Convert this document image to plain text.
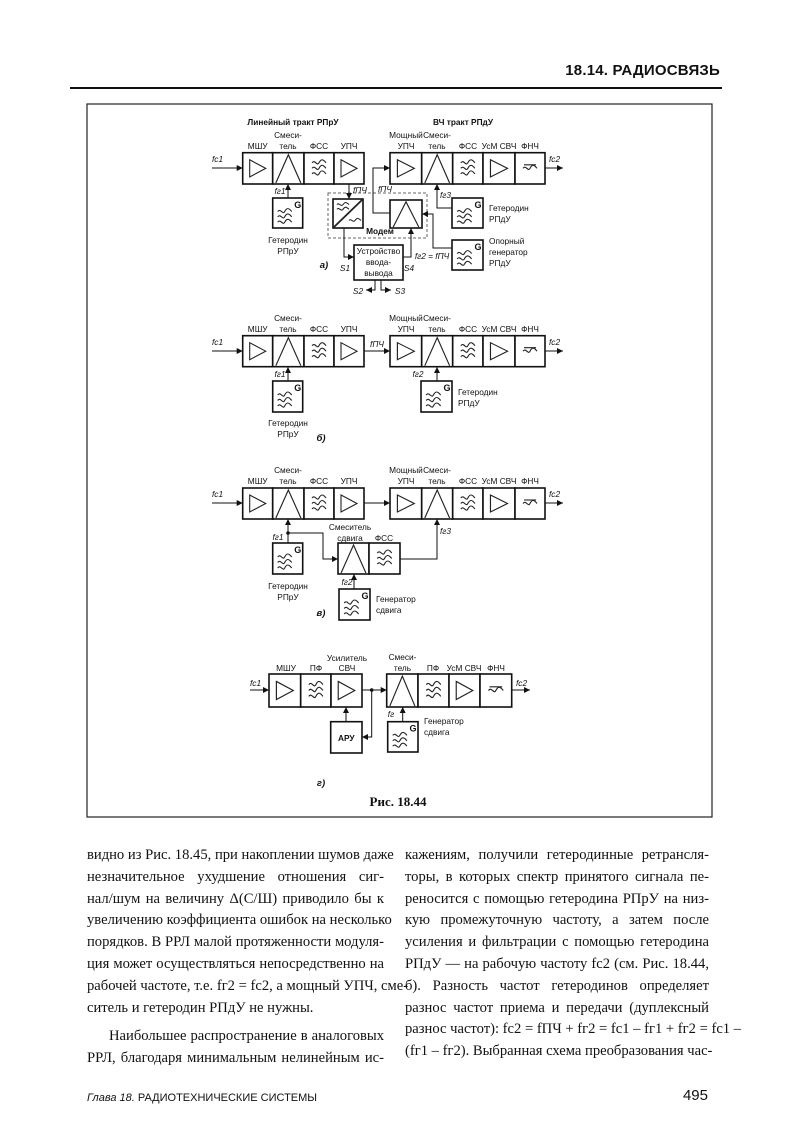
18.14. РАДИОСВЯЗЬ
Линейный тракт РПрУ	ВЧ тракт РПдУ
МШУ
Смеси-
тель ФСС УПЧ
Мощный
УПЧ
Смеси-
тель ФСС УсМ СВЧ ФНЧ
fс1	fс2
G
fг1
Гетеродин
РПрУ
fПЧ fПЧ
Модем
G
fг3
Гетеродин
РПдУ
G
fг2 = fПЧ
Опорный
генератор
РПдУ
Устройство
ввода-
вывода
S1	S4
S2	S3
а)
МШУ
Смеси-
тель ФСС УПЧ
Мощный
УПЧ
Смеси-
тель ФСС УсМ СВЧ ФНЧ
fс1	fс2
fПЧ
G
fг1
Гетеродин
РПрУ
G
fг2
Гетеродин
РПдУ
б)
МШУ
Смеси-
тель ФСС УПЧ
Мощный
УПЧ
Смеси-
тель ФСС УсМ СВЧ ФНЧ
fс1	fс2
G
fг1
Гетеродин
РПрУ
Смеситель
сдвига ФСС
fг3
G
fг2
Генератор
сдвига
в)
МШУ ПФ
Усилитель
СВЧ
Смеси-
тель ПФ УсМ СВЧ ФНЧ
fс1	fс2
АРУ
G
fг
Генератор
сдвига
г)
Рис. 18.44
видно из Рис. 18.45, при накоплении шумов даже
незначительное ухудшение отношения сиг-
нал/шум на величину Δ(С/Ш) приводило бы к
увеличению коэффициента ошибок на несколько
порядков. В РРЛ малой протяженности модуля-
ция может осуществляться непосредственно на
рабочей частоте, т.е. fг2 = fс2, а мощный УПЧ, сме-
ситель и гетеродин РПдУ не нужны.
Наибольшее распространение в аналоговых
РРЛ, благодаря минимальным нелинейным ис-
кажениям, получили гетеродинные ретрансля-
торы, в которых спектр принятого сигнала пе-
реносится с помощью гетеродина РПрУ на низ-
кую промежуточную частоту, а затем после
усиления и фильтрации с помощью гетеродина
РПдУ — на рабочую частоту fс2 (см. Рис. 18.44,
б). Разность частот гетеродинов определяет
разнос частот приема и передачи (дуплексный
разнос частот): fс2 = fПЧ + fг2 = fс1 – fг1 + fг2 = fс1 –
(fг1 – fг2). Выбранная схема преобразования час-
Глава 18. РАДИОТЕХНИЧЕСКИЕ СИСТЕМЫ	495
